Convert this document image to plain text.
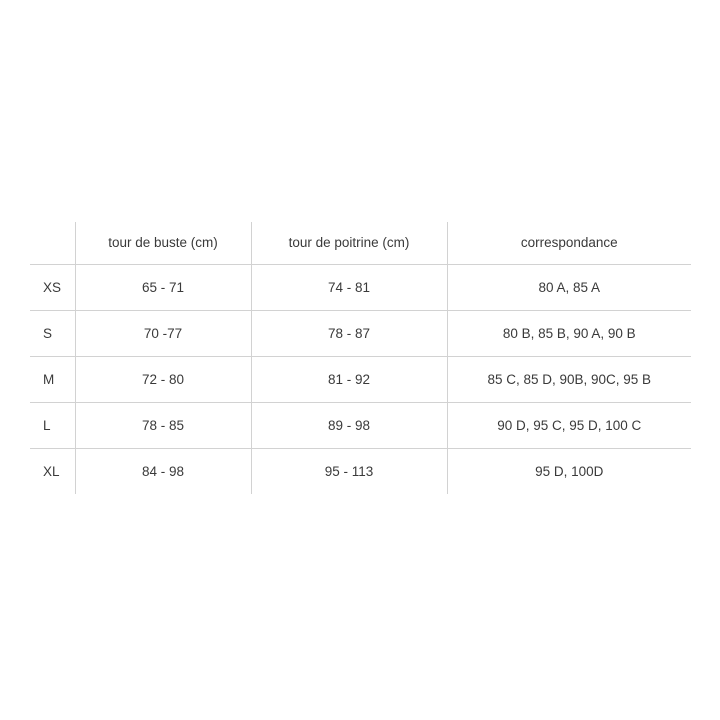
	tour de buste (cm)	tour de poitrine (cm)	correspondance
XS	65 - 71	74 - 81	80 A, 85 A
S	70 -77	78 - 87	80 B, 85 B, 90 A, 90 B
M	72 - 80	81 - 92	85 C, 85 D, 90B, 90C, 95 B
L	78 - 85	89 - 98	90 D, 95 C, 95 D, 100 C
XL	84 - 98	95 - 113	95 D, 100D
